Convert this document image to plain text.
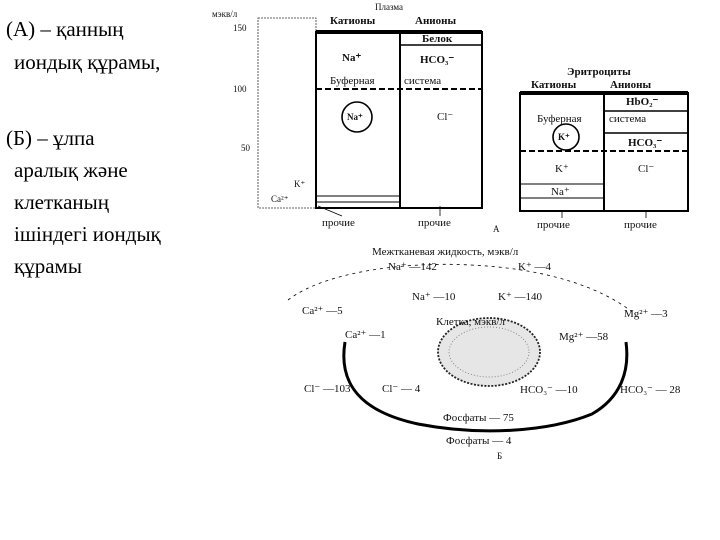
(А) – қанның
иондық құрамы,
(Б) – ұлпа
аралық және
клетканың
ішіндегі иондық
құрамы
мэкв/л
150
100
50
Плазма
Катионы	Анионы
Белок
Na⁺	HCO₃⁻
Буферная	система
Na⁺	Cl⁻
K⁺
Ca²⁺
прочие	прочие
Эритроциты
Катионы	Анионы
HbO₂⁻
Буферная система
K⁺	HCO₃⁻
K⁺	Cl⁻
Na⁺
прочие	прочие
А
Межтканевая жидкость, мэкв/л
Na⁺ —142	K⁺ —4
Na⁺ —10	K⁺ —140
Ca²⁺ —5	Mg²⁺ —3
Клетка, мэкв/л
Ca²⁺ —1	Mg²⁺ —58
Cl⁻ —103	Cl⁻ — 4	HCO₃⁻ —10	HCO₃⁻ — 28
Фосфаты — 75
Фосфаты — 4
Б
